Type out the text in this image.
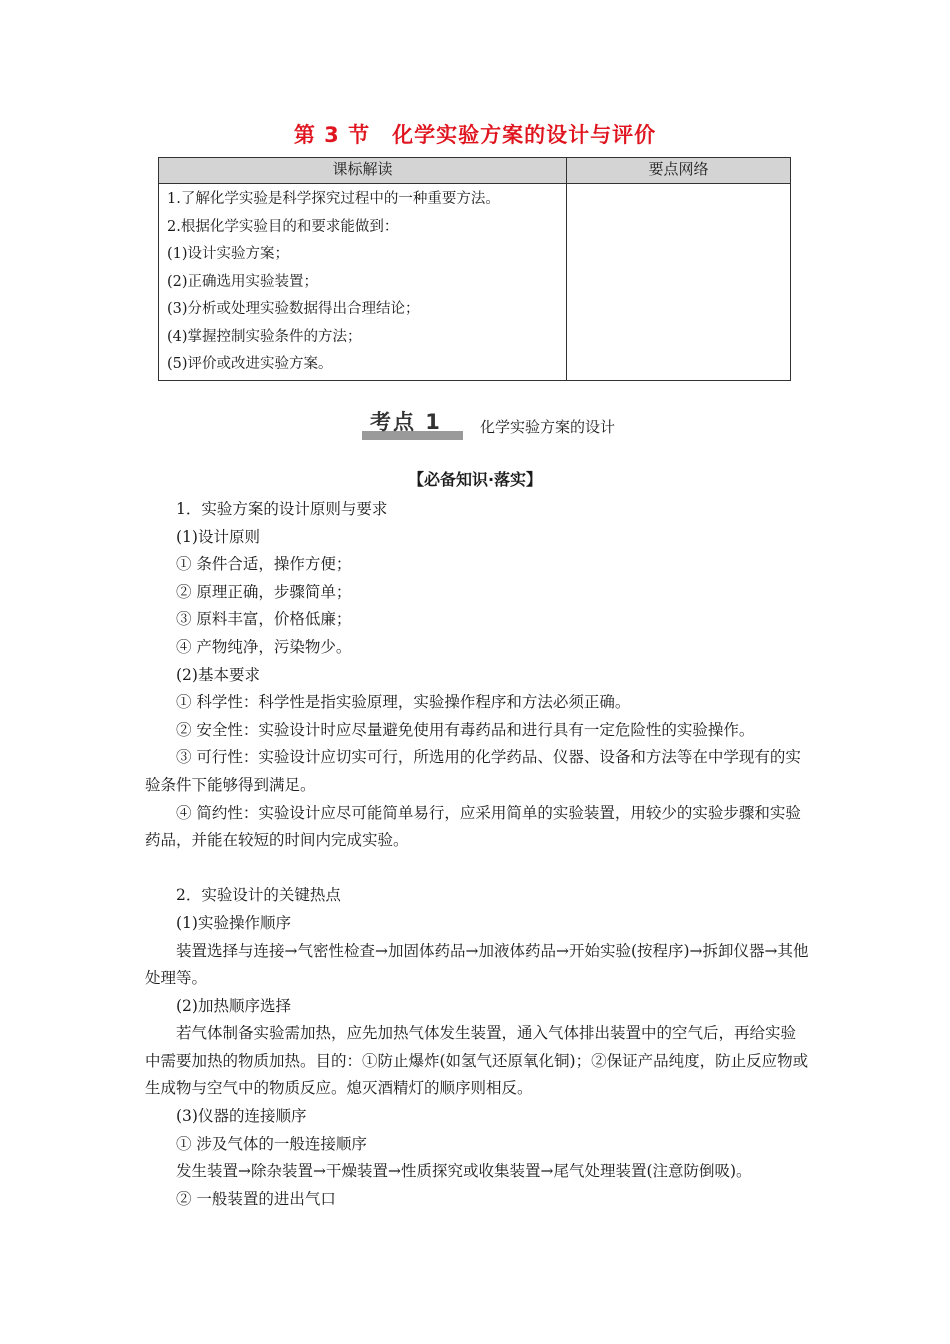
第 3 节　化学实验方案的设计与评价
课标解读	要点网络
1.了解化学实验是科学探究过程中的一种重要方法。
2.根据化学实验目的和要求能做到：
(1)设计实验方案；
(2)正确选用实验装置；
(3)分析或处理实验数据得出合理结论；
(4)掌握控制实验条件的方法；
(5)评价或改进实验方案。
考点 1	化学实验方案的设计
【必备知识·落实】
1．实验方案的设计原则与要求
(1)设计原则
① 条件合适，操作方便；
② 原理正确，步骤简单；
③ 原料丰富，价格低廉；
④ 产物纯净，污染物少。
(2)基本要求
① 科学性：科学性是指实验原理，实验操作程序和方法必须正确。
② 安全性：实验设计时应尽量避免使用有毒药品和进行具有一定危险性的实验操作。
③ 可行性：实验设计应切实可行，所选用的化学药品、仪器、设备和方法等在中学现有的实验条件下能够得到满足。
④ 简约性：实验设计应尽可能简单易行，应采用简单的实验装置，用较少的实验步骤和实验药品，并能在较短的时间内完成实验。
2．实验设计的关键热点
(1)实验操作顺序
装置选择与连接→气密性检查→加固体药品→加液体药品→开始实验(按程序)→拆卸仪器→其他处理等。
(2)加热顺序选择
若气体制备实验需加热，应先加热气体发生装置，通入气体排出装置中的空气后，再给实验中需要加热的物质加热。目的：①防止爆炸(如氢气还原氧化铜)；②保证产品纯度，防止反应物或生成物与空气中的物质反应。熄灭酒精灯的顺序则相反。
(3)仪器的连接顺序
① 涉及气体的一般连接顺序
发生装置→除杂装置→干燥装置→性质探究或收集装置→尾气处理装置(注意防倒吸)。
② 一般装置的进出气口
